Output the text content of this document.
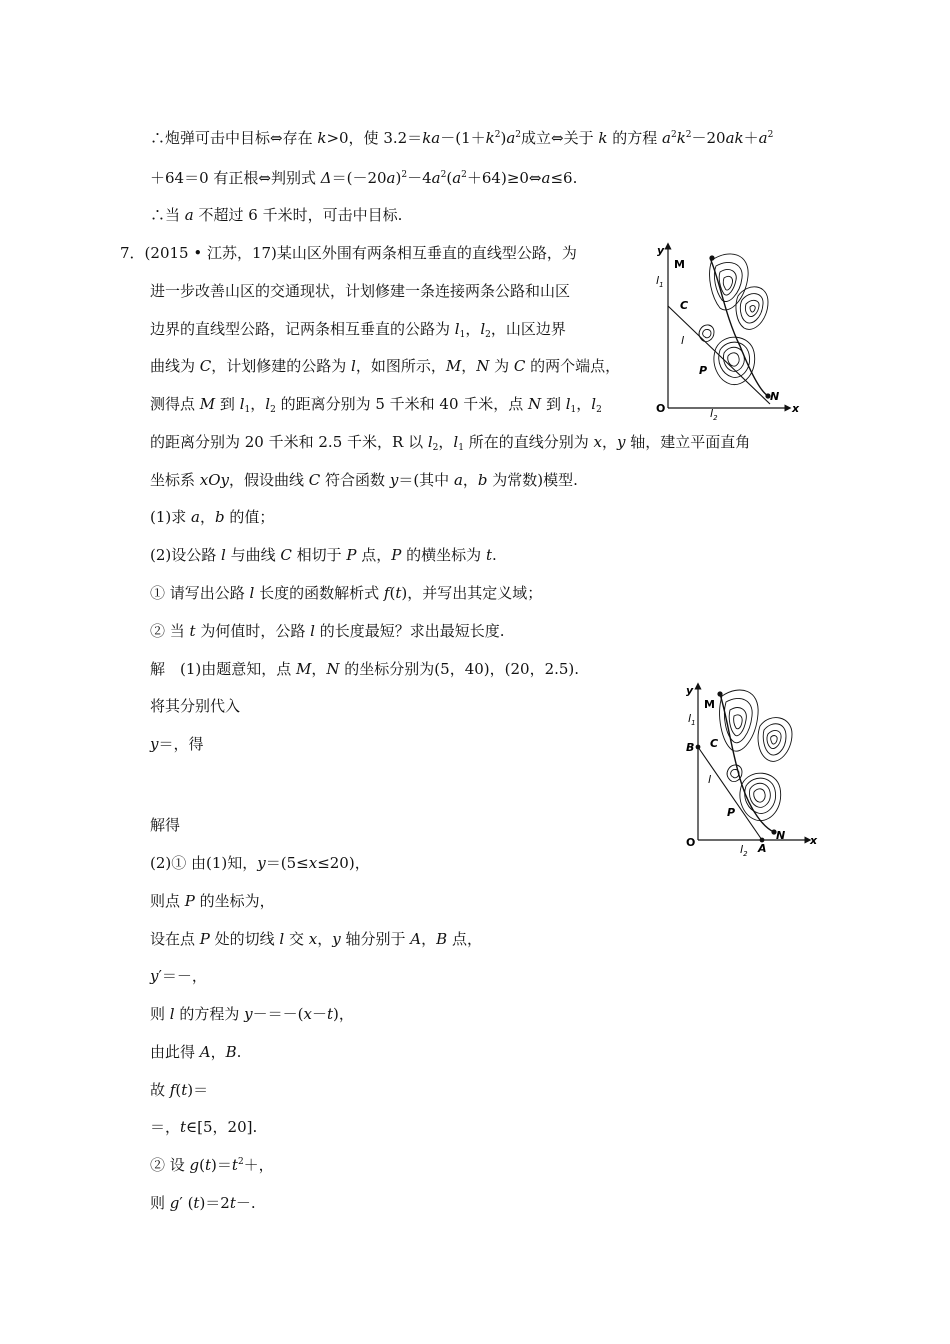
∴炮弹可击中目标⇔存在 k>0，使 $3.2=ka-(1+k^2)a^2$成立⇔关于 k 的方程 $a^2k^2-20ak+a^2$
＋64＝0 有正根⇔判别式 $\Delta=(-20a)^2-4a^2(a^2+64)\ge 0\Leftrightarrow a\le 6$.
∴当 a 不超过 6 千米时，可击中目标.
7．(2015 • 江苏，17)某山区外围有两条相互垂直的直线型公路，为
进一步改善山区的交通现状，计划修建一条连接两条公路和山区
边界的直线型公路，记两条相互垂直的公路为 $l_1$，$l_2$，山区边界
曲线为 C，计划修建的公路为 l，如图所示，M，N 为 C 的两个端点，
测得点 M 到 $l_1$，$l_2$ 的距离分别为 5 千米和 40 千米，点 N 到 $l_1$，$l_2$
的距离分别为 20 千米和 2.5 千米，R 以 $l_2$，$l_1$ 所在的直线分别为 x，y 轴，建立平面直角
坐标系 xOy，假设曲线 C 符合函数 y＝(其中 a，b 为常数)模型.
(1)求 a，b 的值；
(2)设公路 l 与曲线 C 相切于 P 点，P 的横坐标为 t.
① 请写出公路 l 长度的函数解析式 f(t)，并写出其定义域；
② 当 t 为何值时，公路 l 的长度最短？求出最短长度.
解　(1)由题意知，点 M，N 的坐标分别为(5，40)，(20，2.5).
将其分别代入
y＝，得
解得
(2)① 由(1)知，y＝(5≤x≤20)，
则点 P 的坐标为，
设在点 P 处的切线 l 交 x，y 轴分别于 A，B 点，
y′＝－，
则 l 的方程为 y－＝－(x－t)，
由此得 A，B.
故 f(t)＝
＝，t∈[5，20].
② 设 $g(t)=t^2+$，
则 g′ (t)＝2t－.
y
M
$l_1$
C
l
P
N
O	$l_2$
x
y
M
$l_1$
B C
l
P
N
A
O
$l_2$
x
